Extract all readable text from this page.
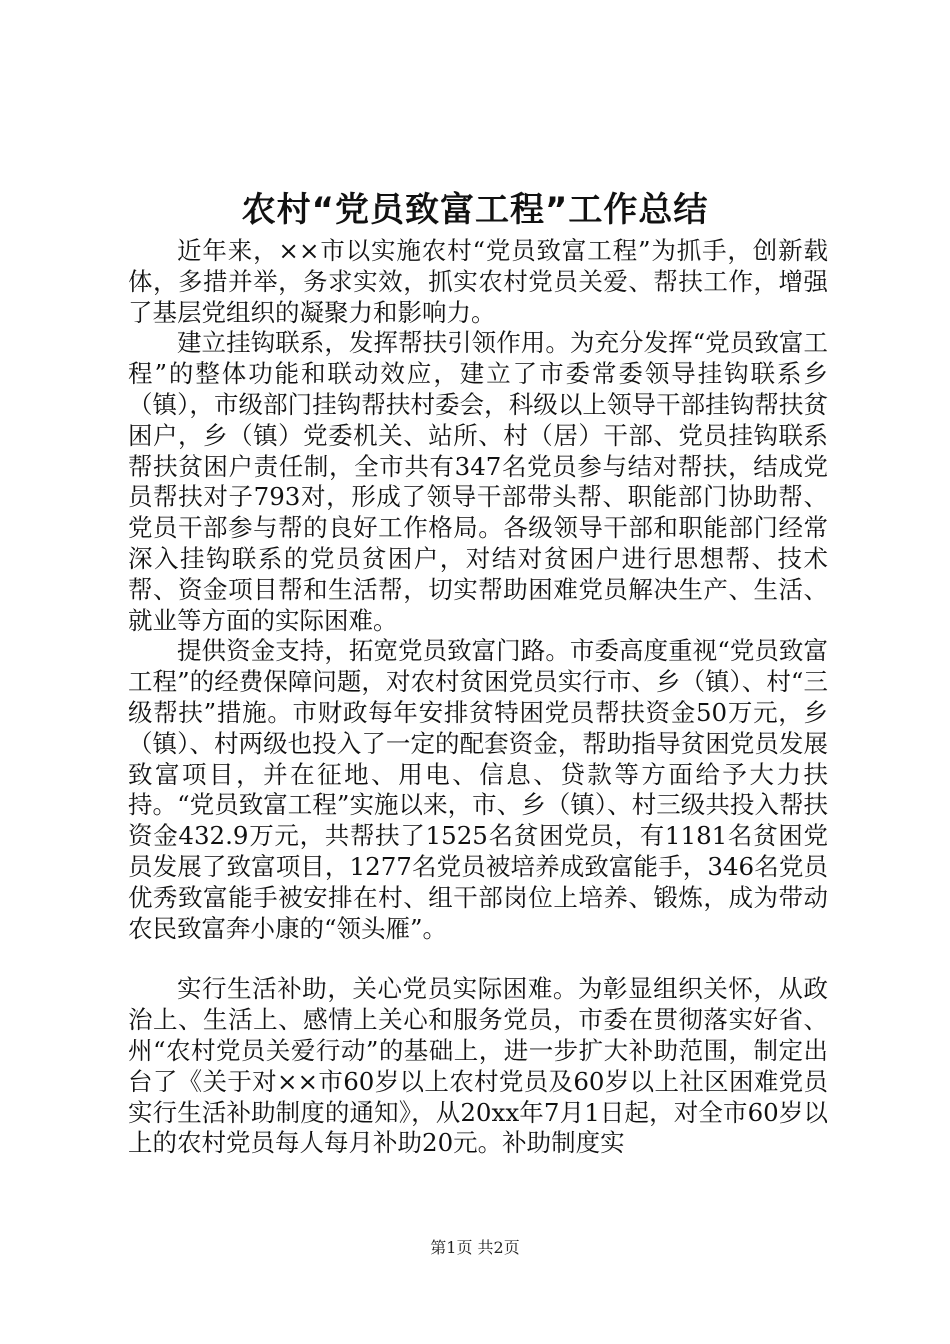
农村“党员致富工程”工作总结

近年来，××市以实施农村“党员致富工程”为抓手，创新载体，多措并举，务求实效，抓实农村党员关爱、帮扶工作，增强了基层党组织的凝聚力和影响力。

建立挂钩联系，发挥帮扶引领作用。为充分发挥“党员致富工程”的整体功能和联动效应，建立了市委常委领导挂钩联系乡（镇），市级部门挂钩帮扶村委会，科级以上领导干部挂钩帮扶贫困户，乡（镇）党委机关、站所、村（居）干部、党员挂钩联系帮扶贫困户责任制，全市共有347名党员参与结对帮扶，结成党员帮扶对子793对，形成了领导干部带头帮、职能部门协助帮、党员干部参与帮的良好工作格局。各级领导干部和职能部门经常深入挂钩联系的党员贫困户，对结对贫困户进行思想帮、技术帮、资金项目帮和生活帮，切实帮助困难党员解决生产、生活、就业等方面的实际困难。

提供资金支持，拓宽党员致富门路。市委高度重视“党员致富工程”的经费保障问题，对农村贫困党员实行市、乡（镇）、村“三级帮扶”措施。市财政每年安排贫特困党员帮扶资金50万元，乡（镇）、村两级也投入了一定的配套资金，帮助指导贫困党员发展致富项目，并在征地、用电、信息、贷款等方面给予大力扶持。“党员致富工程”实施以来，市、乡（镇）、村三级共投入帮扶资金432.9万元，共帮扶了1525名贫困党员，有1181名贫困党员发展了致富项目，1277名党员被培养成致富能手，346名党员优秀致富能手被安排在村、组干部岗位上培养、锻炼，成为带动农民致富奔小康的“领头雁”。

实行生活补助，关心党员实际困难。为彰显组织关怀，从政治上、生活上、感情上关心和服务党员，市委在贯彻落实好省、州“农村党员关爱行动”的基础上，进一步扩大补助范围，制定出台了《关于对××市60岁以上农村党员及60岁以上社区困难党员实行生活补助制度的通知》，从20xx年7月1日起，对全市60岁以上的农村党员每人每月补助20元。补助制度实

第1页 共2页
